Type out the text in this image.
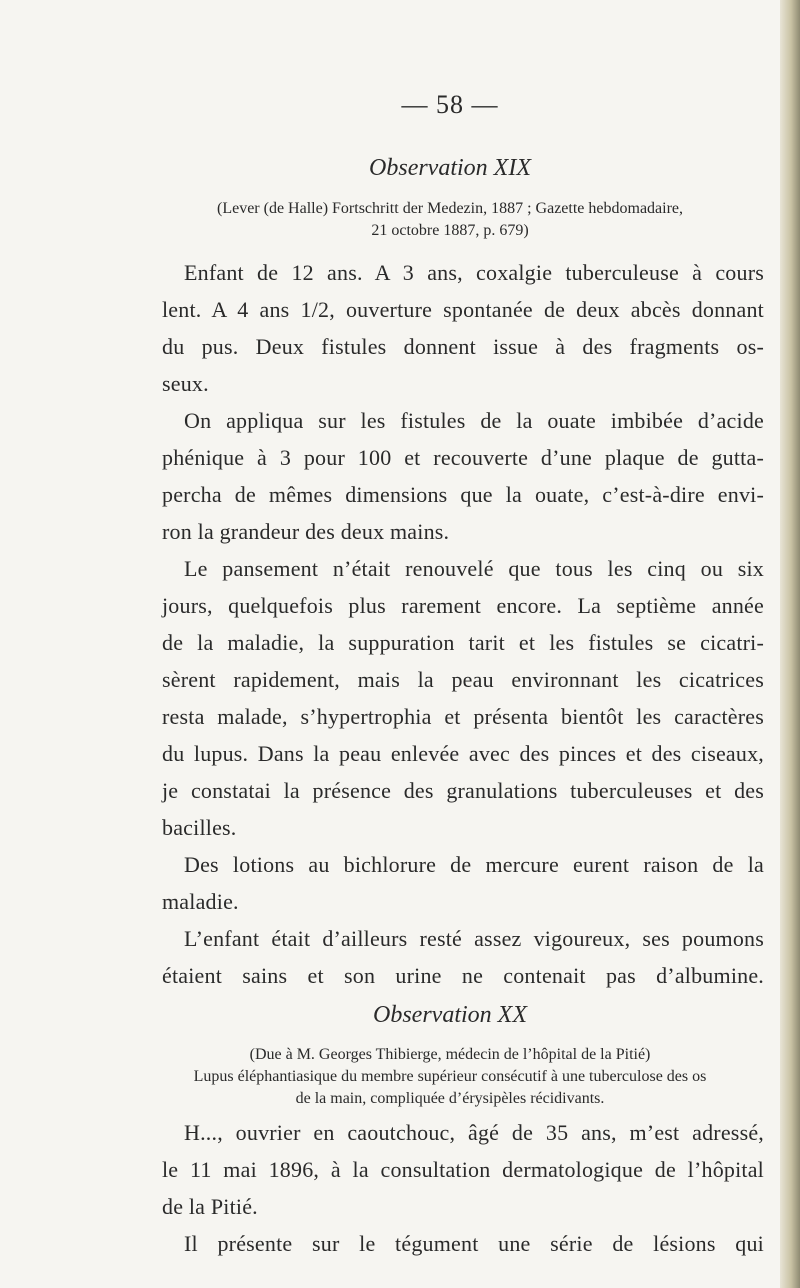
— 58 —
Observation XIX
(Lever (de Halle) Fortschritt der Medezin, 1887 ; Gazette hebdomadaire,
21 octobre 1887, p. 679)
Enfant de 12 ans. A 3 ans, coxalgie tuberculeuse à cours
lent. A 4 ans 1/2, ouverture spontanée de deux abcès donnant
du pus. Deux fistules donnent issue à des fragments os-
seux.
On appliqua sur les fistules de la ouate imbibée d’acide
phénique à 3 pour 100 et recouverte d’une plaque de gutta-
percha de mêmes dimensions que la ouate, c’est-à-dire envi-
ron la grandeur des deux mains.
Le pansement n’était renouvelé que tous les cinq ou six
jours, quelquefois plus rarement encore. La septième année
de la maladie, la suppuration tarit et les fistules se cicatri-
sèrent rapidement, mais la peau environnant les cicatrices
resta malade, s’hypertrophia et présenta bientôt les caractères
du lupus. Dans la peau enlevée avec des pinces et des ciseaux,
je constatai la présence des granulations tuberculeuses et des
bacilles.
Des lotions au bichlorure de mercure eurent raison de la
maladie.
L’enfant était d’ailleurs resté assez vigoureux, ses poumons
étaient sains et son urine ne contenait pas d’albumine.
Observation XX
(Due à M. Georges Thibierge, médecin de l’hôpital de la Pitié)
Lupus éléphantiasique du membre supérieur consécutif à une tuberculose des os
de la main, compliquée d’érysipèles récidivants.
H..., ouvrier en caoutchouc, âgé de 35 ans, m’est adressé,
le 11 mai 1896, à la consultation dermatologique de l’hôpital
de la Pitié.
Il présente sur le tégument une série de lésions qui
